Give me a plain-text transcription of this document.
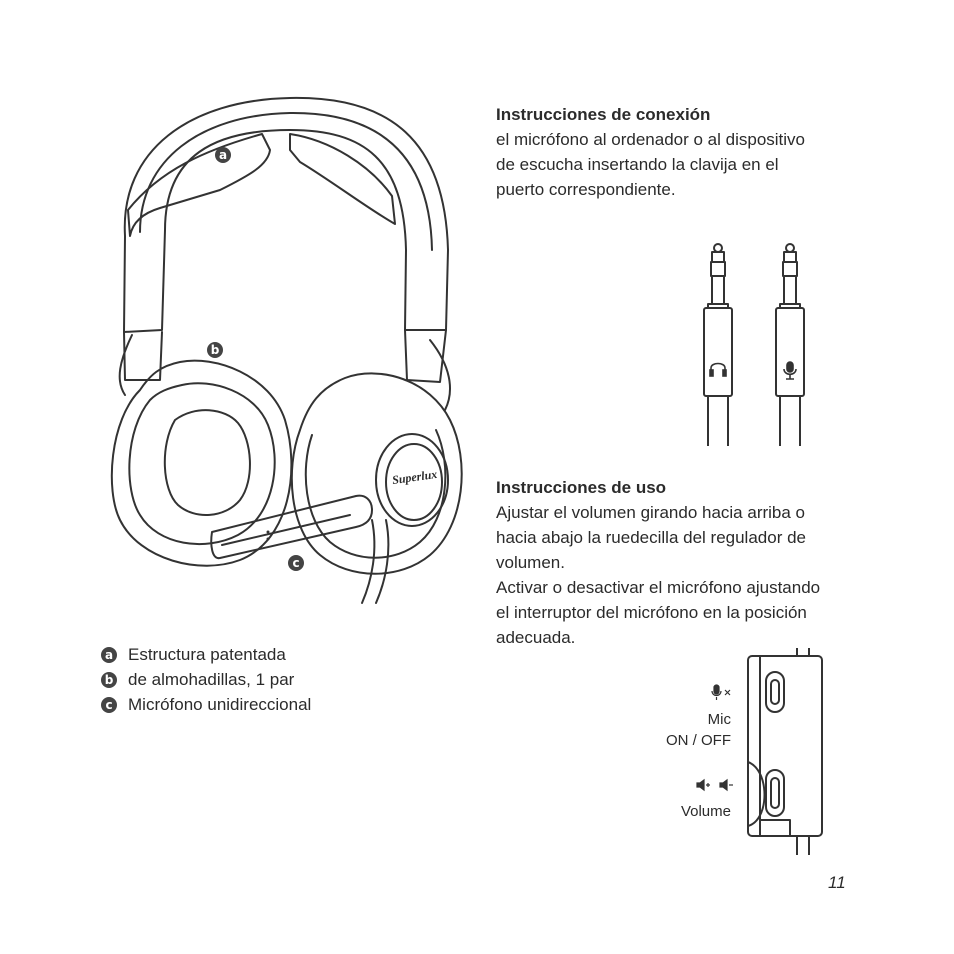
Superlux
a
b
c
a Estructura patentada
b de almohadillas, 1 par
c Micrófono unidireccional
Instrucciones de conexión
el micrófono al ordenador o al dispositivo
de escucha insertando la clavija en el
puerto correspondiente.
Instrucciones de uso
Ajustar el volumen girando hacia arriba o
hacia abajo la ruedecilla del regulador de
volumen.
Activar o desactivar el micrófono ajustando
el interruptor del micrófono en la posición
adecuada.
Mic
ON / OFF
Volume
11
